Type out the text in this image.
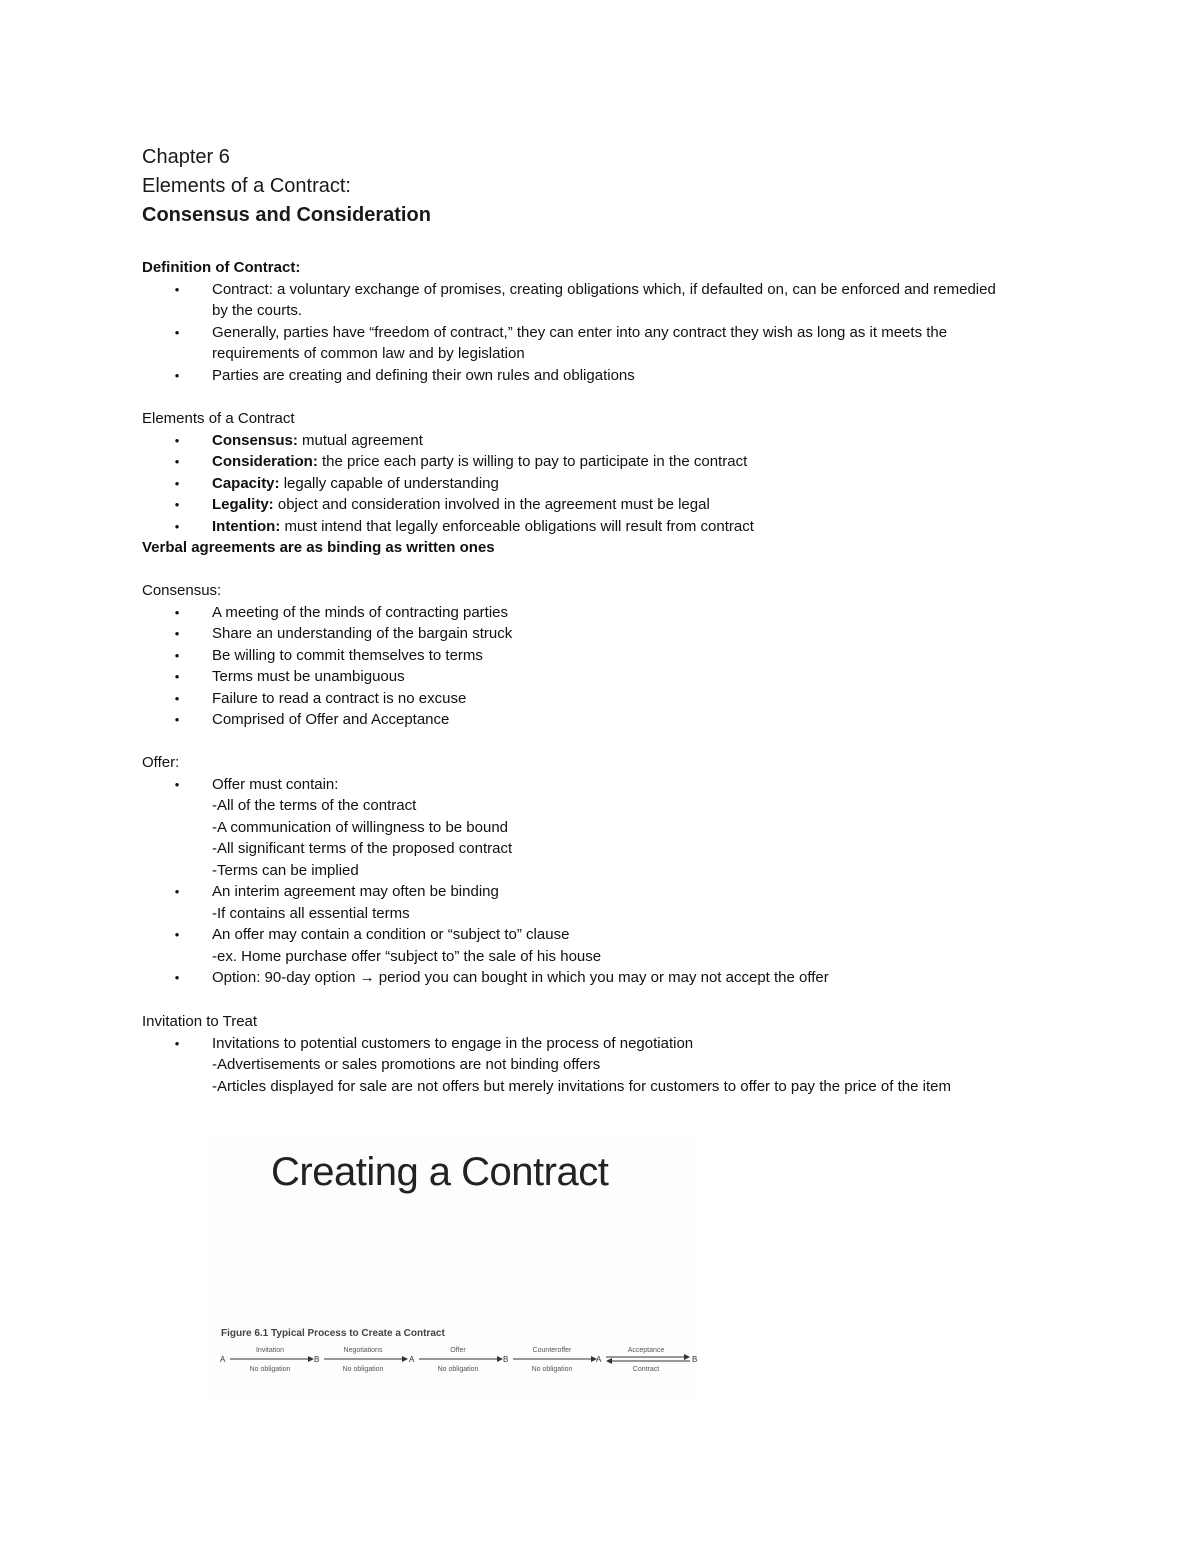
Chapter 6
Elements of a Contract:
Consensus and Consideration
Definition of Contract:
• Contract: a voluntary exchange of promises, creating obligations which, if defaulted on, can be enforced and remedied
by the courts.
• Generally, parties have “freedom of contract,” they can enter into any contract they wish as long as it meets the
requirements of common law and by legislation
• Parties are creating and defining their own rules and obligations
Elements of a Contract
• Consensus: mutual agreement
• Consideration: the price each party is willing to pay to participate in the contract
• Capacity: legally capable of understanding
• Legality: object and consideration involved in the agreement must be legal
• Intention: must intend that legally enforceable obligations will result from contract
Verbal agreements are as binding as written ones
Consensus:
• A meeting of the minds of contracting parties
• Share an understanding of the bargain struck
• Be willing to commit themselves to terms
• Terms must be unambiguous
• Failure to read a contract is no excuse
• Comprised of Offer and Acceptance
Offer:
• Offer must contain:
-All of the terms of the contract
-A communication of willingness to be bound
-All significant terms of the proposed contract
-Terms can be implied
• An interim agreement may often be binding
-If contains all essential terms
• An offer may contain a condition or “subject to” clause
-ex. Home purchase offer “subject to” the sale of his house
• Option: 90-day option → period you can bought in which you may or may not accept the offer
Invitation to Treat
• Invitations to potential customers to engage in the process of negotiation
-Advertisements or sales promotions are not binding offers
-Articles displayed for sale are not offers but merely invitations for customers to offer to pay the price of the item
Creating a Contract
Figure 6.1 Typical Process to Create a Contract
A
Invitation
No obligation
B
Negotiations
No obligation
A
Offer
No obligation
B
Counteroffer
No obligation
A
Acceptance
Contract
B
